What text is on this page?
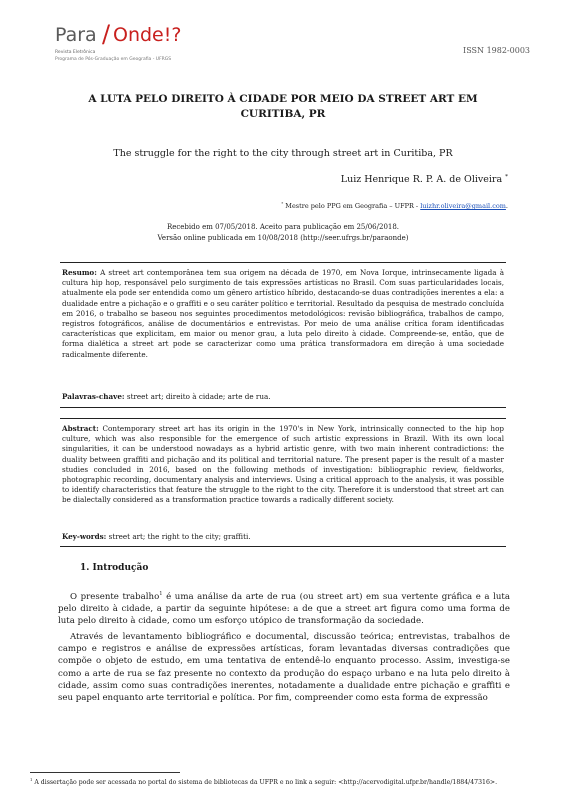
Para / Onde!?
Revista Eletrônica
Programa de Pós-Graduação em Geografia - UFRGS
ISSN 1982-0003
A LUTA PELO DIREITO À CIDADE POR MEIO DA STREET ART EM CURITIBA, PR
The struggle for the right to the city through street art in Curitiba, PR
Luiz Henrique R. P. A. de Oliveira *
* Mestre pelo PPG em Geografia – UFPR - luizhr.oliveira@gmail.com.
Recebido em 07/05/2018. Aceito para publicação em 25/06/2018.
Versão online publicada em 10/08/2018 (http://seer.ufrgs.br/paraonde)
Resumo: A street art contemporânea tem sua origem na década de 1970, em Nova Iorque, intrinsecamente ligada à cultura hip hop, responsável pelo surgimento de tais expressões artísticas no Brasil. Com suas particularidades locais, atualmente ela pode ser entendida como um gênero artístico híbrido, destacando-se duas contradições inerentes a ela: a dualidade entre a pichação e o graffiti e o seu caráter político e territorial. Resultado da pesquisa de mestrado concluída em 2016, o trabalho se baseou nos seguintes procedimentos metodológicos: revisão bibliográfica, trabalhos de campo, registros fotográficos, análise de documentários e entrevistas. Por meio de uma análise crítica foram identificadas características que explicitam, em maior ou menor grau, a luta pelo direito à cidade. Compreende-se, então, que de forma dialética a street art pode se caracterizar como uma prática transformadora em direção à uma sociedade radicalmente diferente.
Palavras-chave: street art; direito à cidade; arte de rua.
Abstract: Contemporary street art has its origin in the 1970's in New York, intrinsically connected to the hip hop culture, which was also responsible for the emergence of such artistic expressions in Brazil. With its own local singularities, it can be understood nowadays as a hybrid artistic genre, with two main inherent contradictions: the duality between graffiti and pichação and its political and territorial nature. The present paper is the result of a master studies concluded in 2016, based on the following methods of investigation: bibliographic review, fieldworks, photographic recording, documentary analysis and interviews. Using a critical approach to the analysis, it was possible to identify characteristics that feature the struggle to the right to the city. Therefore it is understood that street art can be dialectally considered as a transformation practice towards a radically different society.
Key-words: street art; the right to the city; graffiti.
1. Introdução
O presente trabalho$^1$ é uma análise da arte de rua (ou street art) em sua vertente gráfica e a luta pelo direito à cidade, a partir da seguinte hipótese: a de que a street art figura como uma forma de luta pelo direito à cidade, como um esforço utópico de transformação da sociedade.
Através de levantamento bibliográfico e documental, discussão teórica; entrevistas, trabalhos de campo e registros e análise de expressões artísticas, foram levantadas diversas contradições que compõe o objeto de estudo, em uma tentativa de entendê-lo enquanto processo. Assim, investiga-se como a arte de rua se faz presente no contexto da produção do espaço urbano e na luta pelo direito à cidade, assim como suas contradições inerentes, notadamente a dualidade entre pichação e graffiti e seu papel enquanto arte territorial e política. Por fim, compreender como esta forma de expressão
$^1$ A dissertação pode ser acessada no portal do sistema de bibliotecas da UFPR e no link a seguir: <http://acervodigital.ufpr.br/handle/1884/47316>.
